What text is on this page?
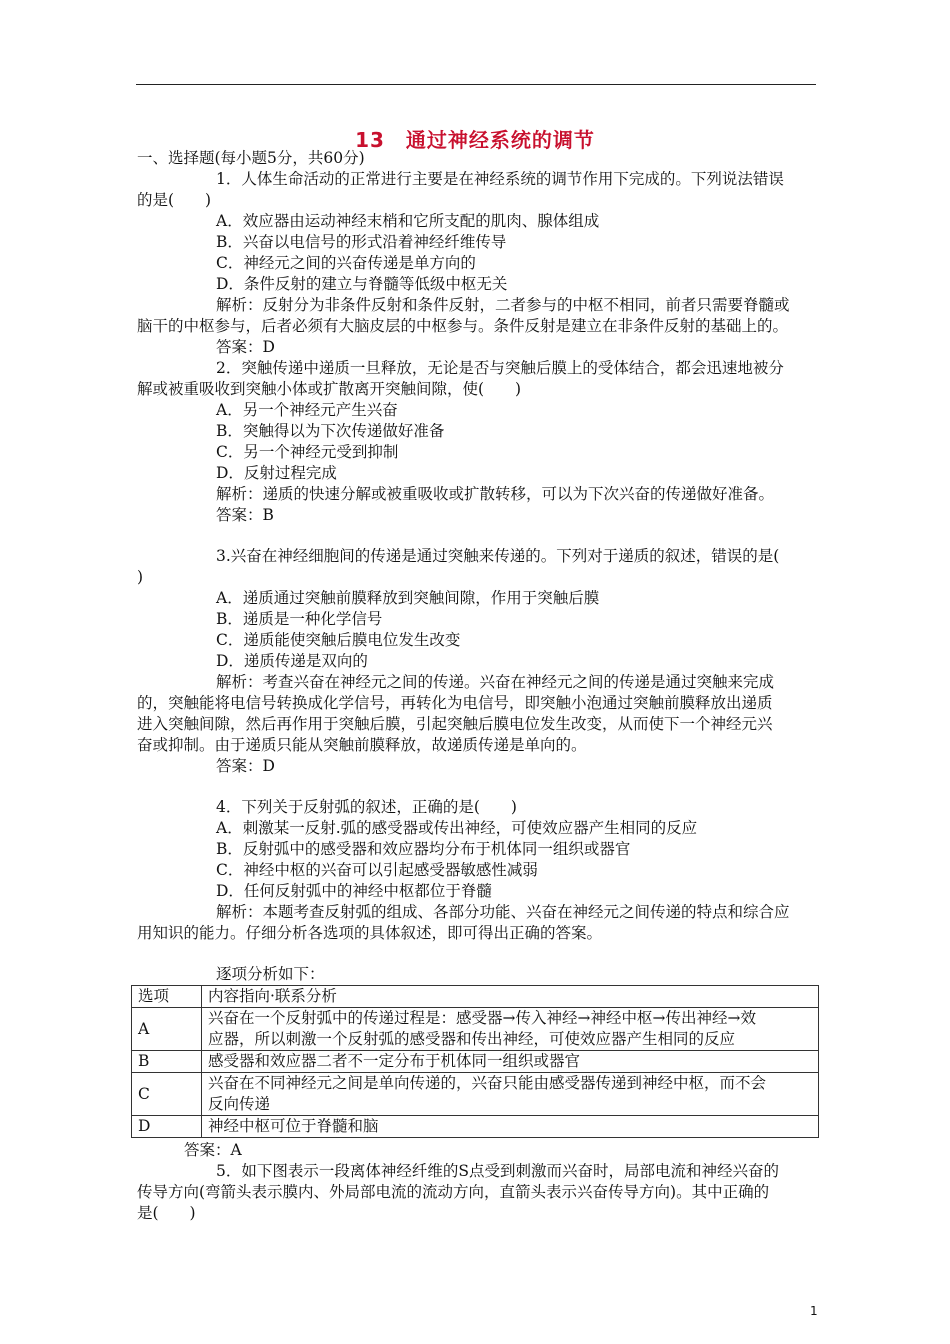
13　通过神经系统的调节
一、选择题(每小题5分，共60分)
1．人体生命活动的正常进行主要是在神经系统的调节作用下完成的。下列说法错误
的是(　　)
A．效应器由运动神经末梢和它所支配的肌肉、腺体组成
B．兴奋以电信号的形式沿着神经纤维传导
C．神经元之间的兴奋传递是单方向的
D．条件反射的建立与脊髓等低级中枢无关
解析：反射分为非条件反射和条件反射，二者参与的中枢不相同，前者只需要脊髓或
脑干的中枢参与，后者必须有大脑皮层的中枢参与。条件反射是建立在非条件反射的基础上的。
答案：D
2．突触传递中递质一旦释放，无论是否与突触后膜上的受体结合，都会迅速地被分
解或被重吸收到突触小体或扩散离开突触间隙，使(　　)
A．另一个神经元产生兴奋
B．突触得以为下次传递做好准备
C．另一个神经元受到抑制
D．反射过程完成
解析：递质的快速分解或被重吸收或扩散转移，可以为下次兴奋的传递做好准备。
答案：B
3.兴奋在神经细胞间的传递是通过突触来传递的。下列对于递质的叙述，错误的是(
)
A．递质通过突触前膜释放到突触间隙，作用于突触后膜
B．递质是一种化学信号
C．递质能使突触后膜电位发生改变
D．递质传递是双向的
解析：考查兴奋在神经元之间的传递。兴奋在神经元之间的传递是通过突触来完成
的，突触能将电信号转换成化学信号，再转化为电信号，即突触小泡通过突触前膜释放出递质
进入突触间隙，然后再作用于突触后膜，引起突触后膜电位发生改变，从而使下一个神经元兴
奋或抑制。由于递质只能从突触前膜释放，故递质传递是单向的。
答案：D
4．下列关于反射弧的叙述，正确的是(　　)
A．刺激某一反射.弧的感受器或传出神经，可使效应器产生相同的反应
B．反射弧中的感受器和效应器均分布于机体同一组织或器官
C．神经中枢的兴奋可以引起感受器敏感性减弱
D．任何反射弧中的神经中枢都位于脊髓
解析：本题考查反射弧的组成、各部分功能、兴奋在神经元之间传递的特点和综合应
用知识的能力。仔细分析各选项的具体叙述，即可得出正确的答案。
逐项分析如下：
选项	内容指向·联系分析
A	兴奋在一个反射弧中的传递过程是：感受器→传入神经→神经中枢→传出神经→效
应器，所以刺激一个反射弧的感受器和传出神经，可使效应器产生相同的反应

B	感受器和效应器二者不一定分布于机体同一组织或器官
C	兴奋在不同神经元之间是单向传递的，兴奋只能由感受器传递到神经中枢，而不会
反向传递

D	神经中枢可位于脊髓和脑
答案：A
5．如下图表示一段离体神经纤维的S点受到刺激而兴奋时，局部电流和神经兴奋的
传导方向(弯箭头表示膜内、外局部电流的流动方向，直箭头表示兴奋传导方向)。其中正确的
是(　　)
1
